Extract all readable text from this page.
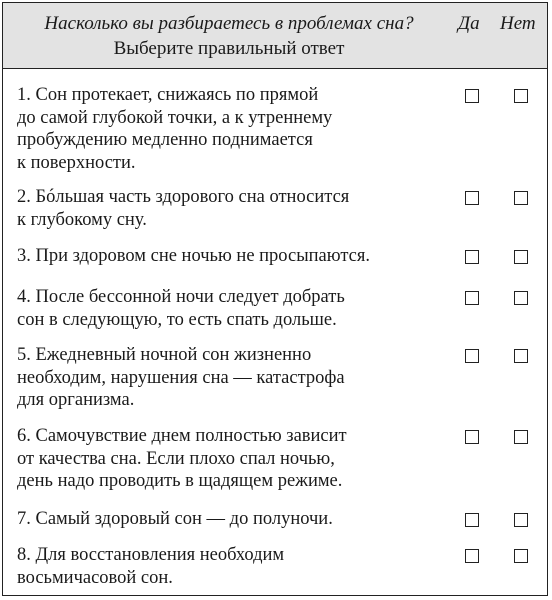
Насколько вы разбираетесь в проблемах сна?
Выберите правильный ответ
Да Нет
1. Сон протекает, снижаясь по прямой
до самой глубокой точки, а к утреннему
пробуждению медленно поднимается
к поверхности.
2. Бóльшая часть здорового сна относится
к глубокому сну.
3. При здоровом сне ночью не просыпаются.
4. После бессонной ночи следует добрать
сон в следующую, то есть спать дольше.
5. Ежедневный ночной сон жизненно
необходим, нарушения сна — катастрофа
для организма.
6. Самочувствие днем полностью зависит
от качества сна. Если плохо спал ночью,
день надо проводить в щадящем режиме.
7. Самый здоровый сон — до полуночи.
8. Для восстановления необходим
восьмичасовой сон.
